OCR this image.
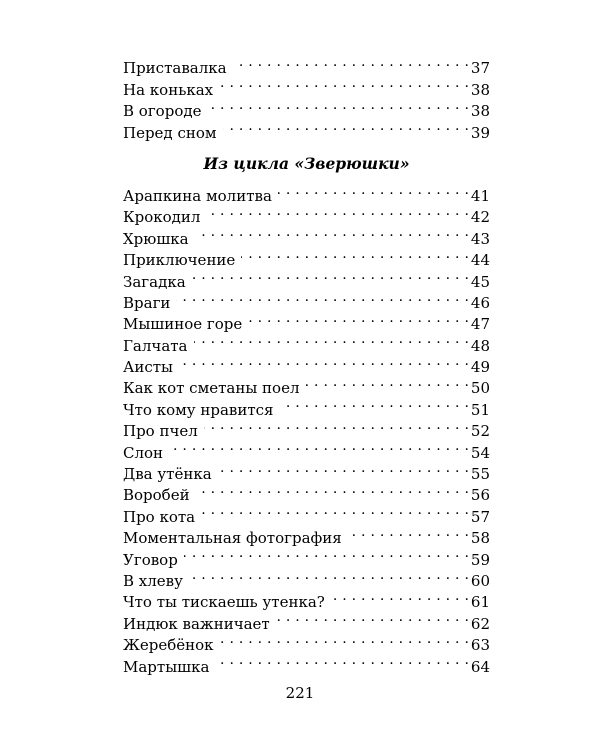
Приставалка . . .	37
На коньках . . .	38
В огороде . . .	38
Перед сном . . .	39
Из цикла «Зверюшки»
Арапкина молитва . . .	41
Крокодил . . .	42
Хрюшка . . .	43
Приключение . . .	44
Загадка . . .	45
Враги . . .	46
Мышиное горе . . .	47
Галчата . . .	48
Аисты . . .	49
Как кот сметаны поел . . .	50
Что кому нравится . . .	51
Про пчел . . .	52
Слон . . .	54
Два утёнка . . .	55
Воробей . . .	56
Про кота . . .	57
Моментальная фотография . . .	58
Уговор . . .	59
В хлеву . . .	60
Что ты тискаешь утенка? . . .	61
Индюк важничает . . .	62
Жеребёнок . . .	63
Мартышка . . .	64
221
